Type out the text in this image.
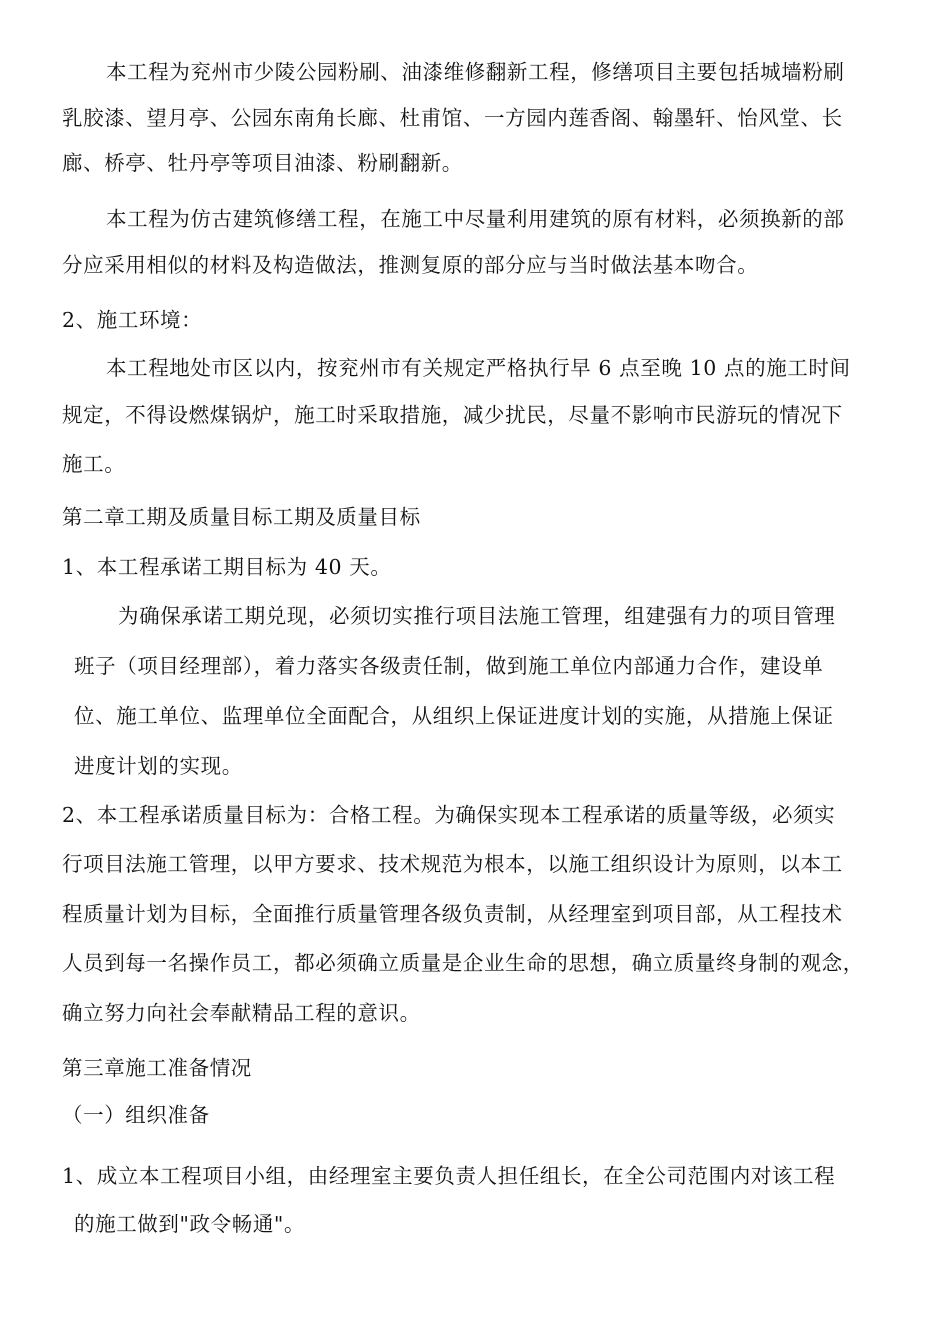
本工程为兖州市少陵公园粉刷、油漆维修翻新工程，修缮项目主要包括城墙粉刷
乳胶漆、望月亭、公园东南角长廊、杜甫馆、一方园内莲香阁、翰墨轩、怡风堂、长
廊、桥亭、牡丹亭等项目油漆、粉刷翻新。
本工程为仿古建筑修缮工程，在施工中尽量利用建筑的原有材料，必须换新的部
分应采用相似的材料及构造做法，推测复原的部分应与当时做法基本吻合。
2、施工环境：
本工程地处市区以内，按兖州市有关规定严格执行早 6 点至晚 10 点的施工时间
规定，不得设燃煤锅炉，施工时采取措施，减少扰民，尽量不影响市民游玩的情况下
施工。
第二章工期及质量目标工期及质量目标
1、本工程承诺工期目标为 40 天。
为确保承诺工期兑现，必须切实推行项目法施工管理，组建强有力的项目管理
班子（项目经理部），着力落实各级责任制，做到施工单位内部通力合作，建设单
位、施工单位、监理单位全面配合，从组织上保证进度计划的实施，从措施上保证
进度计划的实现。
2、本工程承诺质量目标为：合格工程。为确保实现本工程承诺的质量等级，必须实
行项目法施工管理，以甲方要求、技术规范为根本，以施工组织设计为原则，以本工
程质量计划为目标，全面推行质量管理各级负责制，从经理室到项目部，从工程技术
人员到每一名操作员工，都必须确立质量是企业生命的思想，确立质量终身制的观念，
确立努力向社会奉献精品工程的意识。
第三章施工准备情况
（一）组织准备
1、成立本工程项目小组，由经理室主要负责人担任组长，在全公司范围内对该工程
的施工做到"政令畅通"。
